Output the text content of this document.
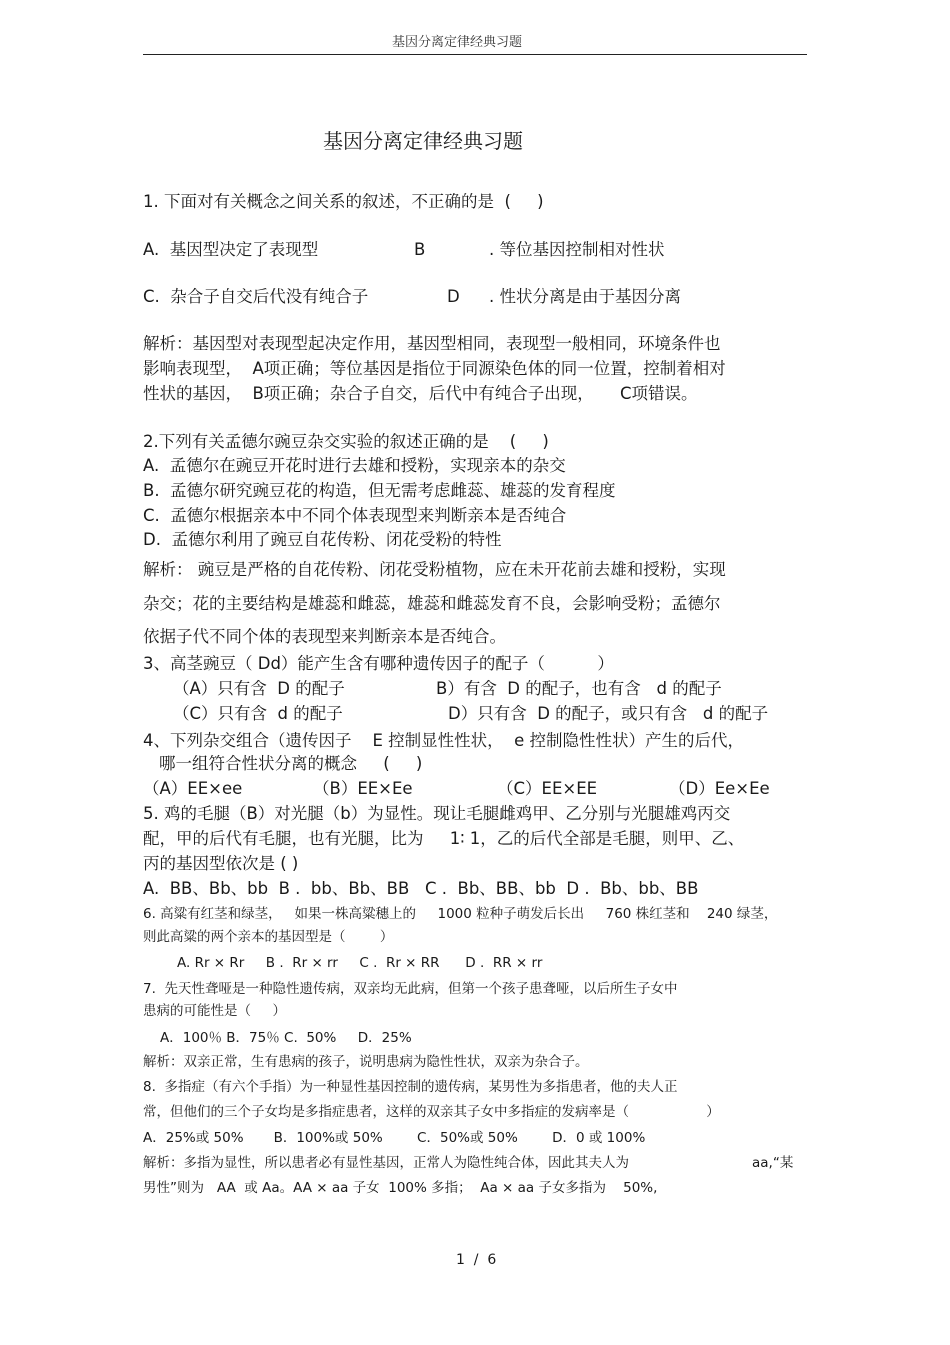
基因分离定律经典习题
基因分离定律经典习题
1. 下面对有关概念之间关系的叙述，不正确的是  (     )
A.  基因型决定了表现型	B	. 等位基因控制相对性状
C.  杂合子自交后代没有纯合子	D . 性状分离是由于基因分离
解析：基因型对表现型起决定作用，基因型相同，表现型一般相同，环境条件也
影响表现型，  A项正确；等位基因是指位于同源染色体的同一位置，控制着相对
性状的基因，  B项正确；杂合子自交，后代中有纯合子出现，     C项错误。
2.下列有关孟德尔豌豆杂交实验的叙述正确的是    (     )
A.  孟德尔在豌豆开花时进行去雄和授粉，实现亲本的杂交
B.  孟德尔研究豌豆花的构造，但无需考虑雌蕊、雄蕊的发育程度
C.  孟德尔根据亲本中不同个体表现型来判断亲本是否纯合
D.  孟德尔利用了豌豆自花传粉、闭花受粉的特性
解析： 豌豆是严格的自花传粉、闭花受粉植物，应在未开花前去雄和授粉，实现
杂交；花的主要结构是雄蕊和雌蕊，雄蕊和雌蕊发育不良，会影响受粉；孟德尔
依据子代不同个体的表现型来判断亲本是否纯合。
3、高茎豌豆（ Dd）能产生含有哪种遗传因子的配子（          ）
（A）只有含  D 的配子	B）有含  D 的配子，也有含   d 的配子
（C）只有含  d 的配子	D）只有含  D 的配子，或只有含   d 的配子
4、下列杂交组合（遗传因子    E 控制显性性状，  e 控制隐性性状）产生的后代，
哪一组符合性状分离的概念     (     )
（A）EE×ee	（B）EE×Ee	（C）EE×EE	（D）Ee×Ee
5. 鸡的毛腿（B）对光腿（b）为显性。现让毛腿雌鸡甲、乙分别与光腿雄鸡丙交
配，甲的后代有毛腿，也有光腿，比为     1∶ 1，乙的后代全部是毛腿，则甲、乙、
丙的基因型依次是 ( )
A.  BB、Bb、bb  B .  bb、Bb、BB   C .  Bb、BB、bb  D .  Bb、bb、BB
6. 高粱有红茎和绿茎，   如果一株高粱穗上的     1000 粒种子萌发后长出     760 株红茎和    240 绿茎，
则此高粱的两个亲本的基因型是（        ）
A. Rr × Rr     B .  Rr × rr     C .  Rr × RR      D .  RR × rr
7.  先天性聋哑是一种隐性遗传病，双亲均无此病，但第一个孩子患聋哑，以后所生子女中
患病的可能性是（     ）
A．100％ B．75％ C.  50%     D．25%
解析：双亲正常，生有患病的孩子，说明患病为隐性性状，双亲为杂合子。
8.  多指症（有六个手指）为一种显性基因控制的遗传病，某男性为多指患者，他的夫人正
常，但他们的三个子女均是多指症患者，这样的双亲其子女中多指症的发病率是（                  ）
A．25%或 50%       B．100%或 50%        C．50%或 50%        D．0 或 100%
解析：多指为显性，所以患者必有显性基因，正常人为隐性纯合体，因此其夫人为	aa,“某
男性”则为   AA  或 Aa。AA × aa 子女  100% 多指；  Aa × aa 子女多指为    50%,
1  /  6
